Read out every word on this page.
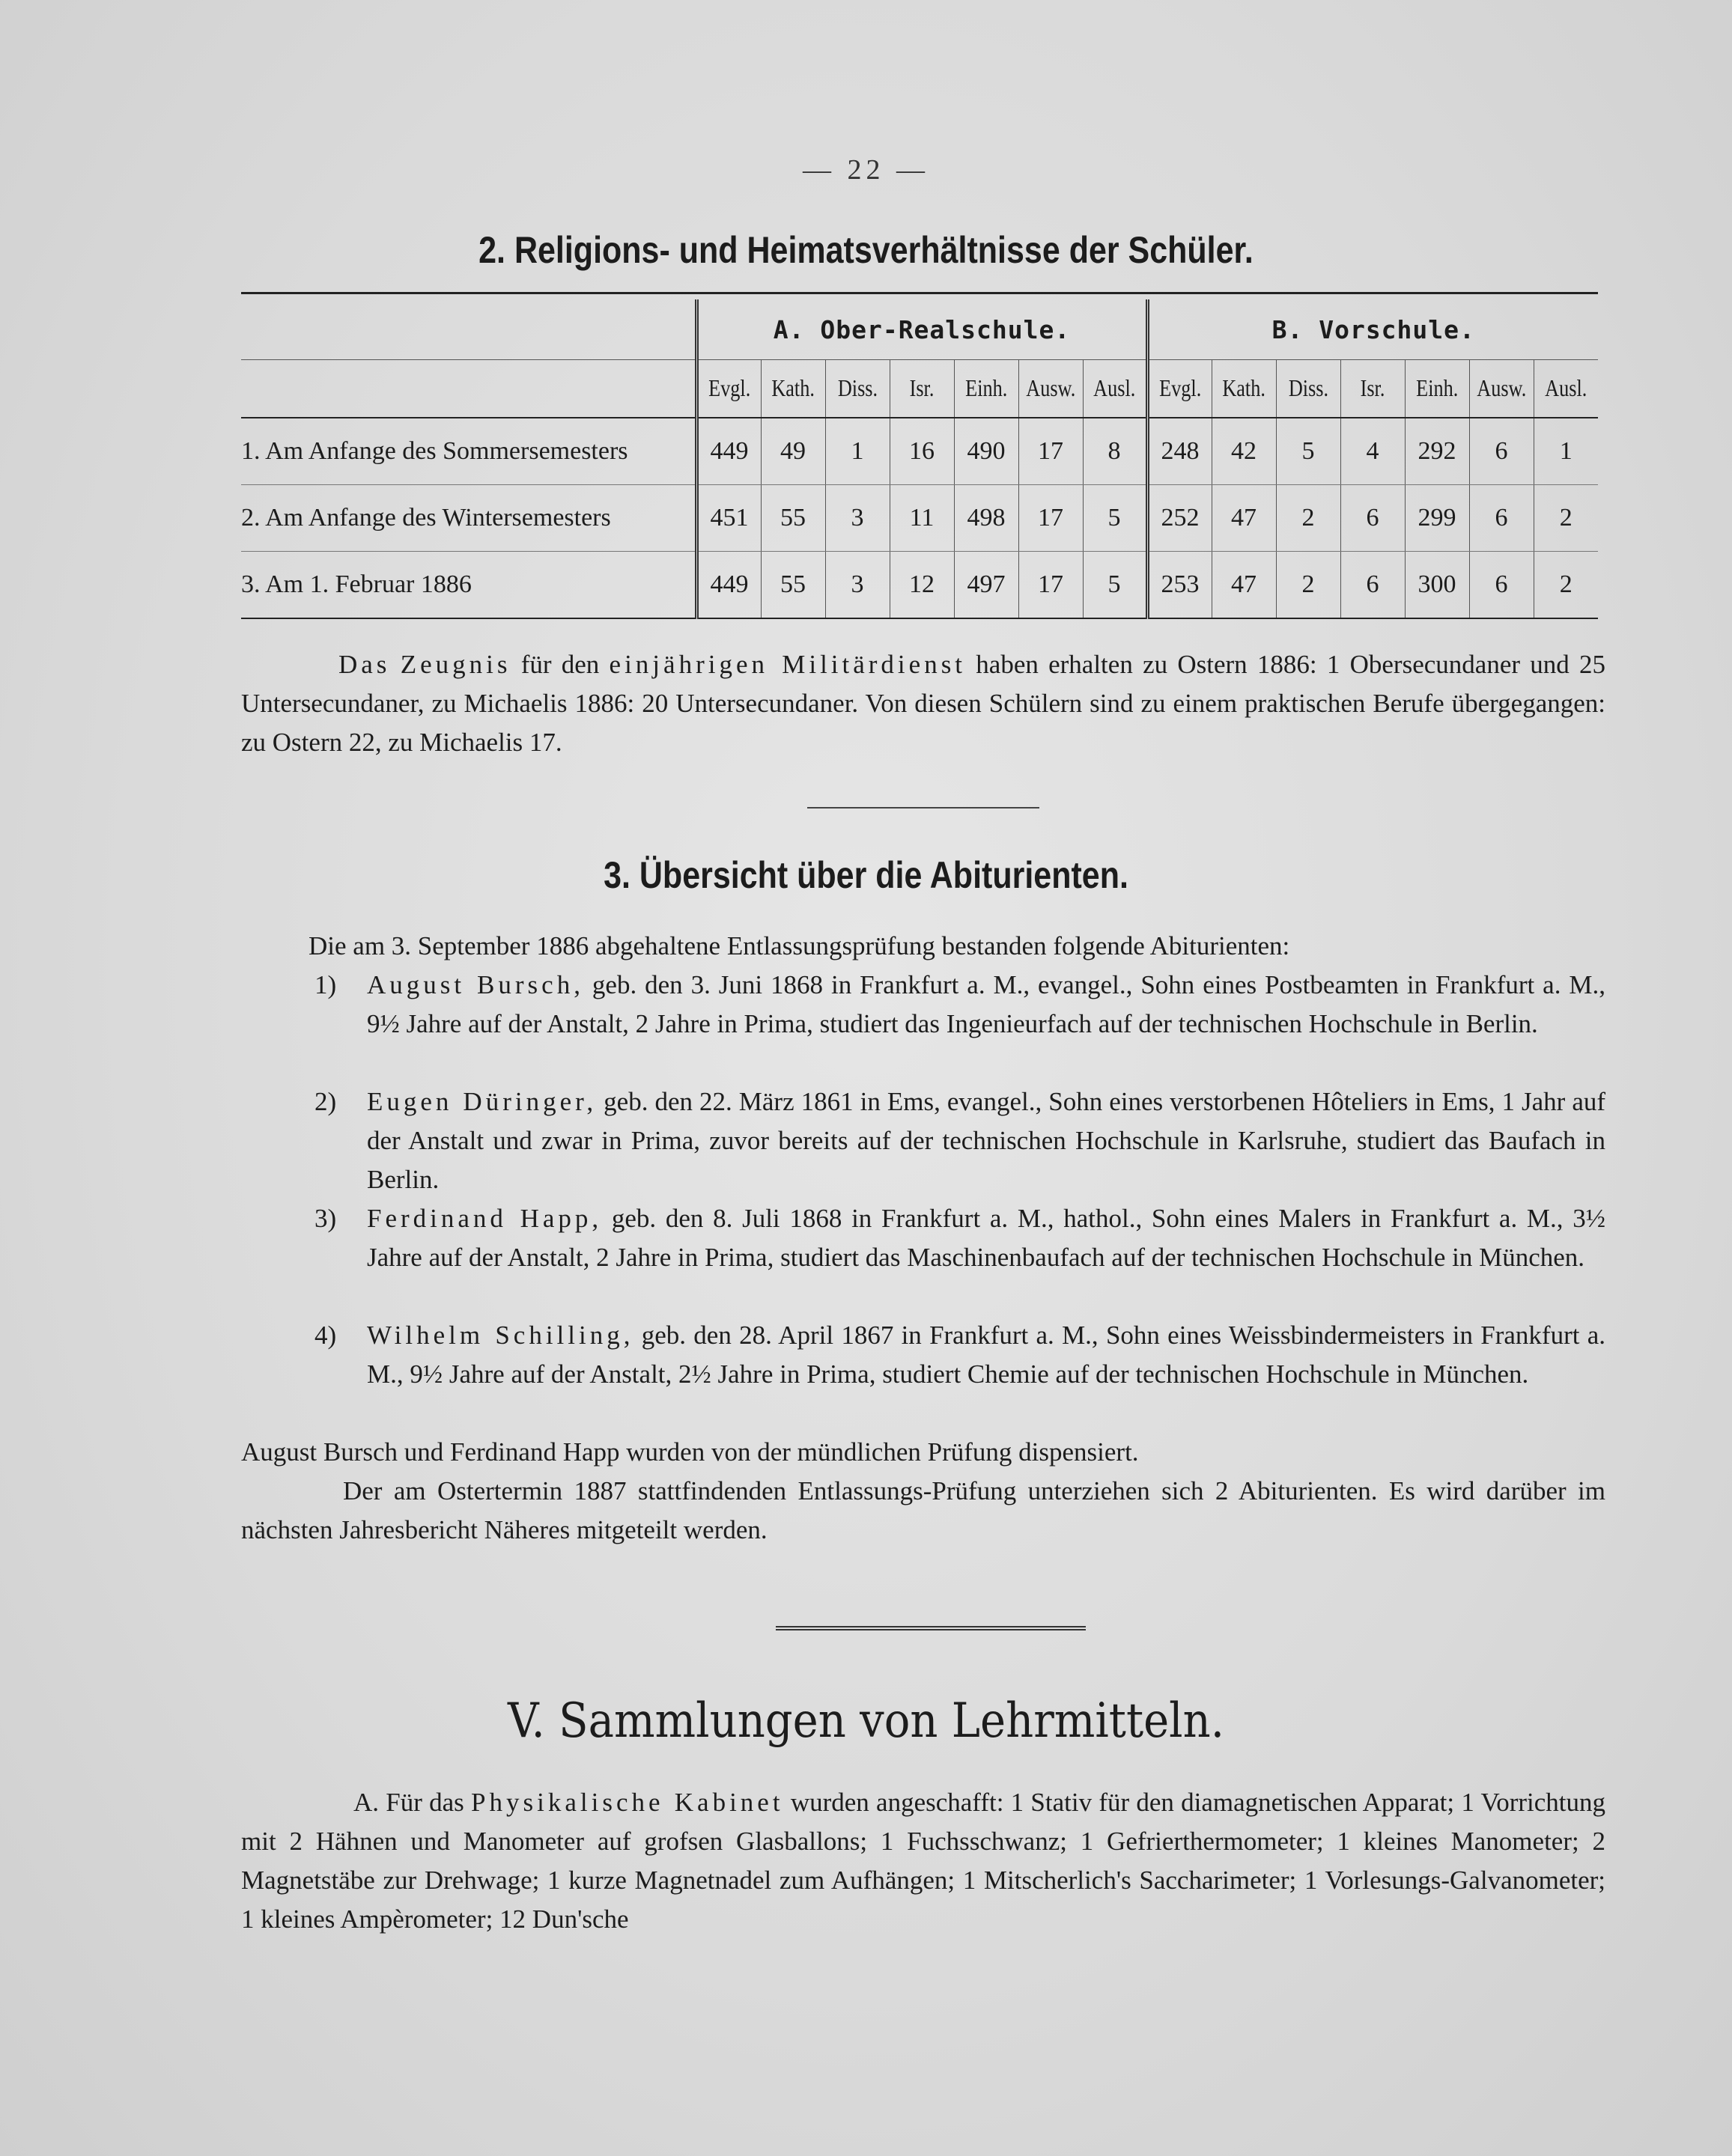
— 22 —
2. Religions- und Heimatsverhältnisse der Schüler.
	A. Ober-Realschule.							B. Vorschule.						
	Evgl.	Kath.	Diss.	Isr.	Einh.	Ausw.	Ausl.	Evgl.	Kath.	Diss.	Isr.	Einh.	Ausw.	Ausl.
1. Am Anfange des Sommersemesters	449	49	1	16	490	17	8	248	42	5	4	292	6	1
2. Am Anfange des Wintersemesters	451	55	3	11	498	17	5	252	47	2	6	299	6	2
3. Am 1. Februar 1886	449	55	3	12	497	17	5	253	47	2	6	300	6	2
Das Zeugnis für den einjährigen Militärdienst haben erhalten zu Ostern 1886: 1 Obersecundaner und 25 Untersecundaner, zu Michaelis 1886: 20 Untersecundaner. Von diesen Schülern sind zu einem praktischen Berufe übergegangen: zu Ostern 22, zu Michaelis 17.
3. Übersicht über die Abiturienten.
Die am 3. September 1886 abgehaltene Entlassungsprüfung bestanden folgende Abiturienten:
1) August Bursch, geb. den 3. Juni 1868 in Frankfurt a. M., evangel., Sohn eines Postbeamten in Frankfurt a. M., 9½ Jahre auf der Anstalt, 2 Jahre in Prima, studiert das Ingenieurfach auf der technischen Hochschule in Berlin.
2) Eugen Düringer, geb. den 22. März 1861 in Ems, evangel., Sohn eines verstorbenen Hôteliers in Ems, 1 Jahr auf der Anstalt und zwar in Prima, zuvor bereits auf der technischen Hochschule in Karlsruhe, studiert das Baufach in Berlin.
3) Ferdinand Happ, geb. den 8. Juli 1868 in Frankfurt a. M., hathol., Sohn eines Malers in Frankfurt a. M., 3½ Jahre auf der Anstalt, 2 Jahre in Prima, studiert das Maschinenbaufach auf der technischen Hochschule in München.
4) Wilhelm Schilling, geb. den 28. April 1867 in Frankfurt a. M., Sohn eines Weissbindermeisters in Frankfurt a. M., 9½ Jahre auf der Anstalt, 2½ Jahre in Prima, studiert Chemie auf der technischen Hochschule in München.
August Bursch und Ferdinand Happ wurden von der mündlichen Prüfung dispensiert.
Der am Ostertermin 1887 stattfindenden Entlassungs-Prüfung unterziehen sich 2 Abiturienten. Es wird darüber im nächsten Jahresbericht Näheres mitgeteilt werden.
V. Sammlungen von Lehrmitteln.
A. Für das Physikalische Kabinet wurden angeschafft: 1 Stativ für den diamagnetischen Apparat; 1 Vorrichtung mit 2 Hähnen und Manometer auf grofsen Glasballons; 1 Fuchsschwanz; 1 Gefrierthermometer; 1 kleines Manometer; 2 Magnetstäbe zur Drehwage; 1 kurze Magnetnadel zum Aufhängen; 1 Mitscherlich's Saccharimeter; 1 Vorlesungs-Galvanometer; 1 kleines Ampèrometer; 12 Dun'sche
